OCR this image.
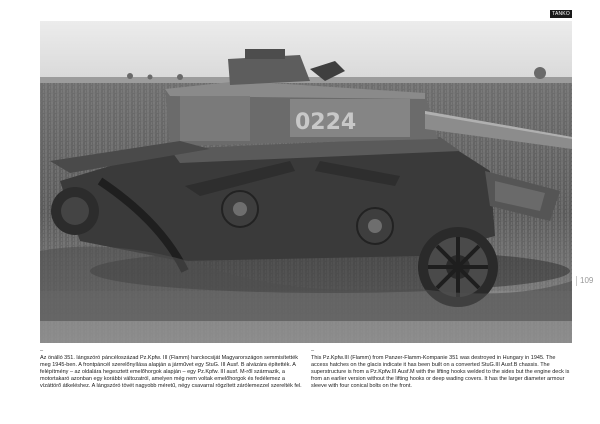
TANKO
0224
109
–
Az önálló 351. lángszóró páncéloszázad Pz.Kpfw. III (Flamm) harckocsiját Magyarországon semmisítették meg 1945-ben. A frontpáncél szerelőnyílása alapján a járművet egy StuG. III Ausf. B alvázára építették. A felépítmény – az oldalára hegesztett emelőhorgok alapján – egy Pz.Kpfw. III ausf. M-ről származik, a motortakaró azonban egy korábbi változatról, amelyen még nem voltak emelőhorgok és fedélemez a vízáttörő átkeléshez. A lángszóró tövét nagyobb méretű, négy csavarral rögzített zárólemezzel szerelték fel.
–
This Pz.Kpfw.III (Flamm) from Panzer-Flamm-Kompanie 351 was destroyed in Hungary in 1945. The access hatches on the glacis indicate it has been built on a converted StuG.III Ausf.B chassis. The superstructure is from a Pz.Kpfw.III Ausf.M with the lifting hooks welded to the sides but the engine deck is from an earlier version without the lifting hooks or deep wading covers. It has the larger diameter armour sleeve with four conical bolts on the front.
